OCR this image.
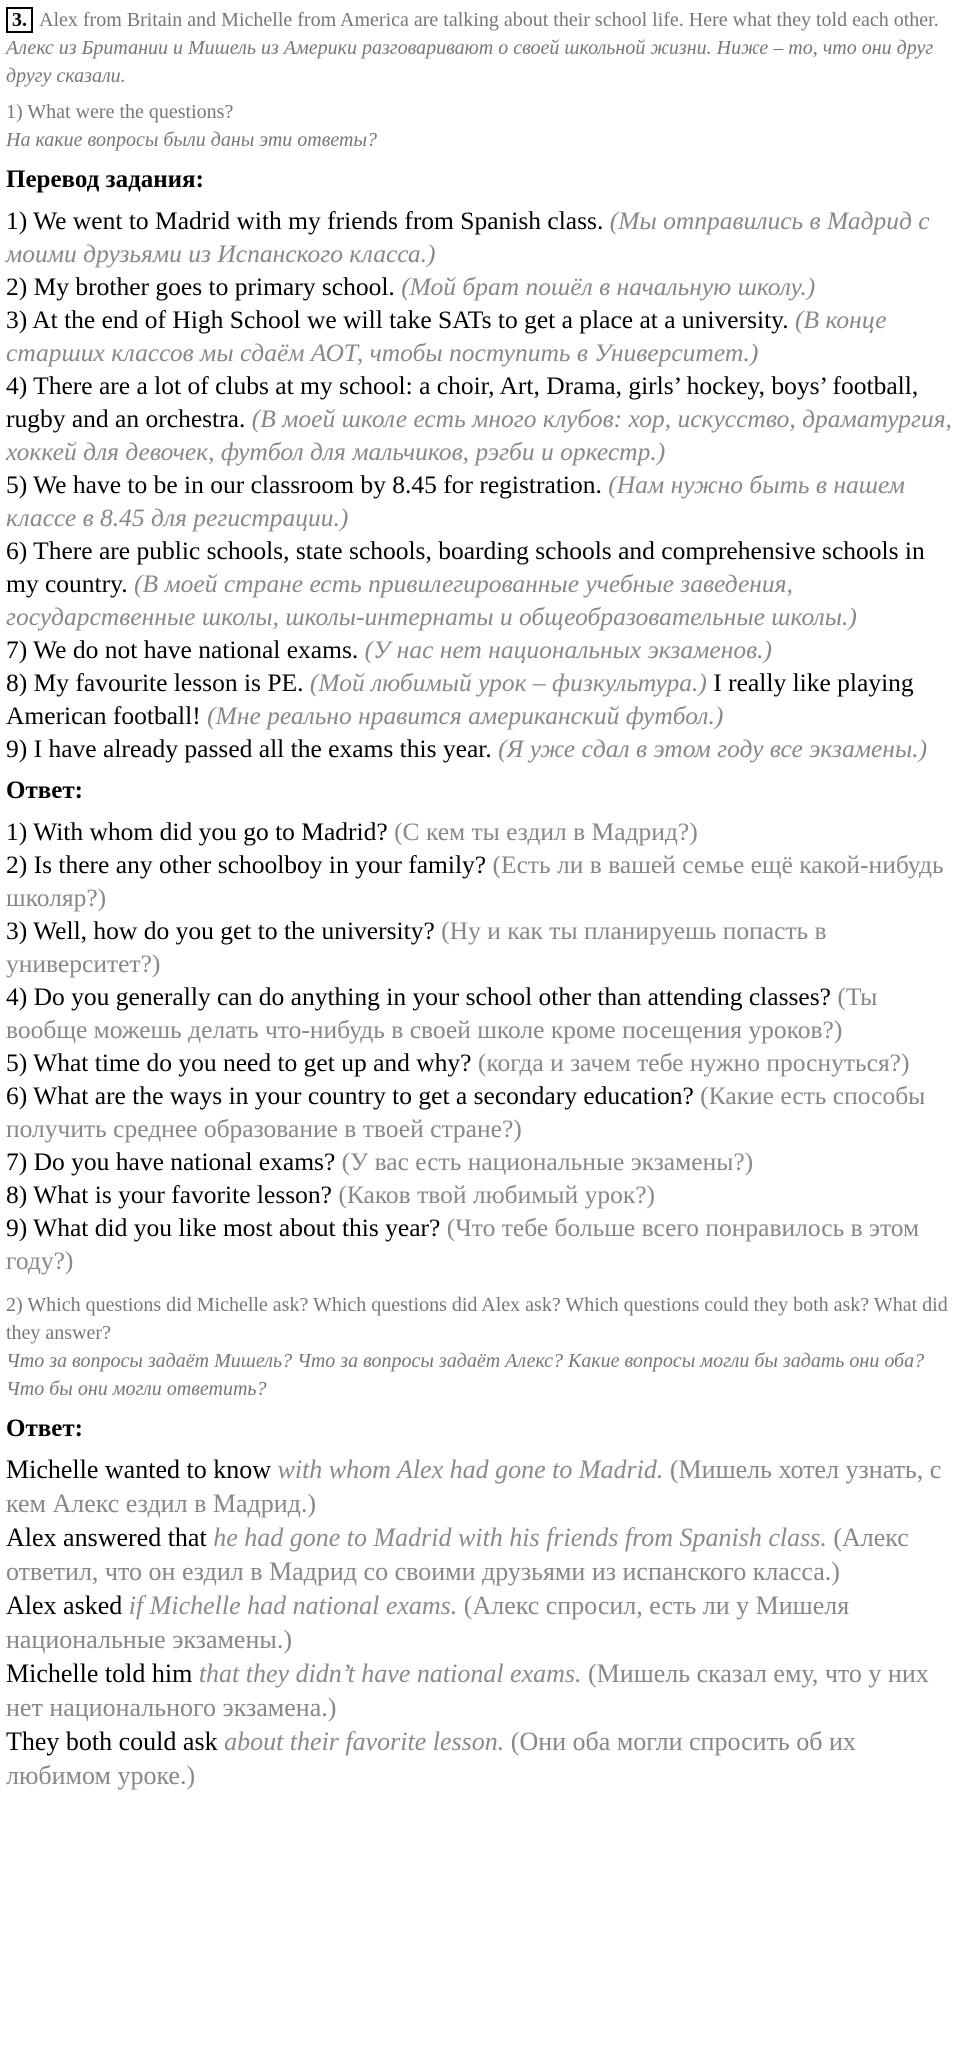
3. Alex from Britain and Michelle from America are talking about their school life. Here what they told each other.
Алекс из Британии и Мишель из Америки разговаривают о своей школьной жизни. Ниже – то, что они друг другу сказали.
1) What were the questions?
На какие вопросы были даны эти ответы?
Перевод задания:
1) We went to Madrid with my friends from Spanish class. (Мы отправились в Мадрид с моими друзьями из Испанского класса.)
2) My brother goes to primary school. (Мой брат пошёл в начальную школу.)
3) At the end of High School we will take SATs to get a place at a university. (В конце старших классов мы сдаём АОТ, чтобы поступить в Университет.)
4) There are a lot of clubs at my school: a choir, Art, Drama, girls’ hockey, boys’ football, rugby and an orchestra. (В моей школе есть много клубов: хор, искусство, драматургия, хоккей для девочек, футбол для мальчиков, рэгби и оркестр.)
5) We have to be in our classroom by 8.45 for registration. (Нам нужно быть в нашем классе в 8.45 для регистрации.)
6) There are public schools, state schools, boarding schools and comprehensive schools in my country. (В моей стране есть привилегированные учебные заведения, государственные школы, школы-интернаты и общеобразовательные школы.)
7) We do not have national exams. (У нас нет национальных экзаменов.)
8) My favourite lesson is PE. (Мой любимый урок – физкультура.) I really like playing American football! (Мне реально нравится американский футбол.)
9) I have already passed all the exams this year. (Я уже сдал в этом году все экзамены.)
Ответ:
1) With whom did you go to Madrid? (С кем ты ездил в Мадрид?)
2) Is there any other schoolboy in your family? (Есть ли в вашей семье ещё какой-нибудь школяр?)
3) Well, how do you get to the university? (Ну и как ты планируешь попасть в университет?)
4) Do you generally can do anything in your school other than attending classes? (Ты вообще можешь делать что-нибудь в своей школе кроме посещения уроков?)
5) What time do you need to get up and why? (когда и зачем тебе нужно проснуться?)
6) What are the ways in your country to get a secondary education? (Какие есть способы получить среднее образование в твоей стране?)
7) Do you have national exams? (У вас есть национальные экзамены?)
8) What is your favorite lesson? (Каков твой любимый урок?)
9) What did you like most about this year? (Что тебе больше всего понравилось в этом году?)
2) Which questions did Michelle ask? Which questions did Alex ask? Which questions could they both ask? What did they answer?
Что за вопросы задаёт Мишель? Что за вопросы задаёт Алекс? Какие вопросы могли бы задать они оба? Что бы они могли ответить?
Ответ:
Michelle wanted to know with whom Alex had gone to Madrid. (Мишель хотел узнать, с кем Алекс ездил в Мадрид.)
Alex answered that he had gone to Madrid with his friends from Spanish class. (Алекс ответил, что он ездил в Мадрид со своими друзьями из испанского класса.)
Alex asked if Michelle had national exams. (Алекс спросил, есть ли у Мишеля национальные экзамены.)
Michelle told him that they didn’t have national exams. (Мишель сказал ему, что у них нет национального экзамена.)
They both could ask about their favorite lesson. (Они оба могли спросить об их любимом уроке.)
